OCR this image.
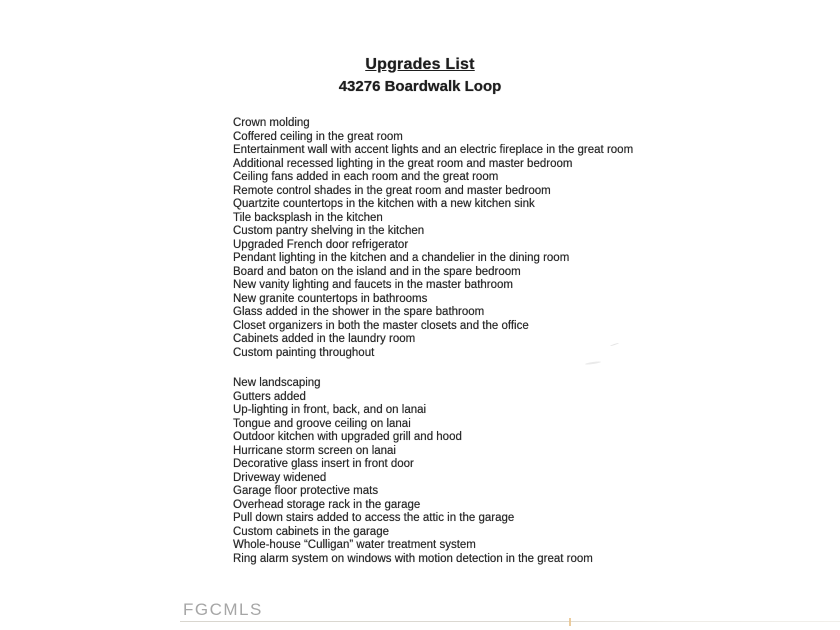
Upgrades List
43276 Boardwalk Loop
Crown molding
Coffered ceiling in the great room
Entertainment wall with accent lights and an electric fireplace in the great room
Additional recessed lighting in the great room and master bedroom
Ceiling fans added in each room and the great room
Remote control shades in the great room and master bedroom
Quartzite countertops in the kitchen with a new kitchen sink
Tile backsplash in the kitchen
Custom pantry shelving in the kitchen
Upgraded French door refrigerator
Pendant lighting in the kitchen and a chandelier in the dining room
Board and baton on the island and in the spare bedroom
New vanity lighting and faucets in the master bathroom
New granite countertops in bathrooms
Glass added in the shower in the spare bathroom
Closet organizers in both the master closets and the office
Cabinets added in the laundry room
Custom painting throughout
New landscaping
Gutters added
Up-lighting in front, back, and on lanai
Tongue and groove ceiling on lanai
Outdoor kitchen with upgraded grill and hood
Hurricane storm screen on lanai
Decorative glass insert in front door
Driveway widened
Garage floor protective mats
Overhead storage rack in the garage
Pull down stairs added to access the attic in the garage
Custom cabinets in the garage
Whole-house “Culligan” water treatment system
Ring alarm system on windows with motion detection in the great room
FGCMLS
